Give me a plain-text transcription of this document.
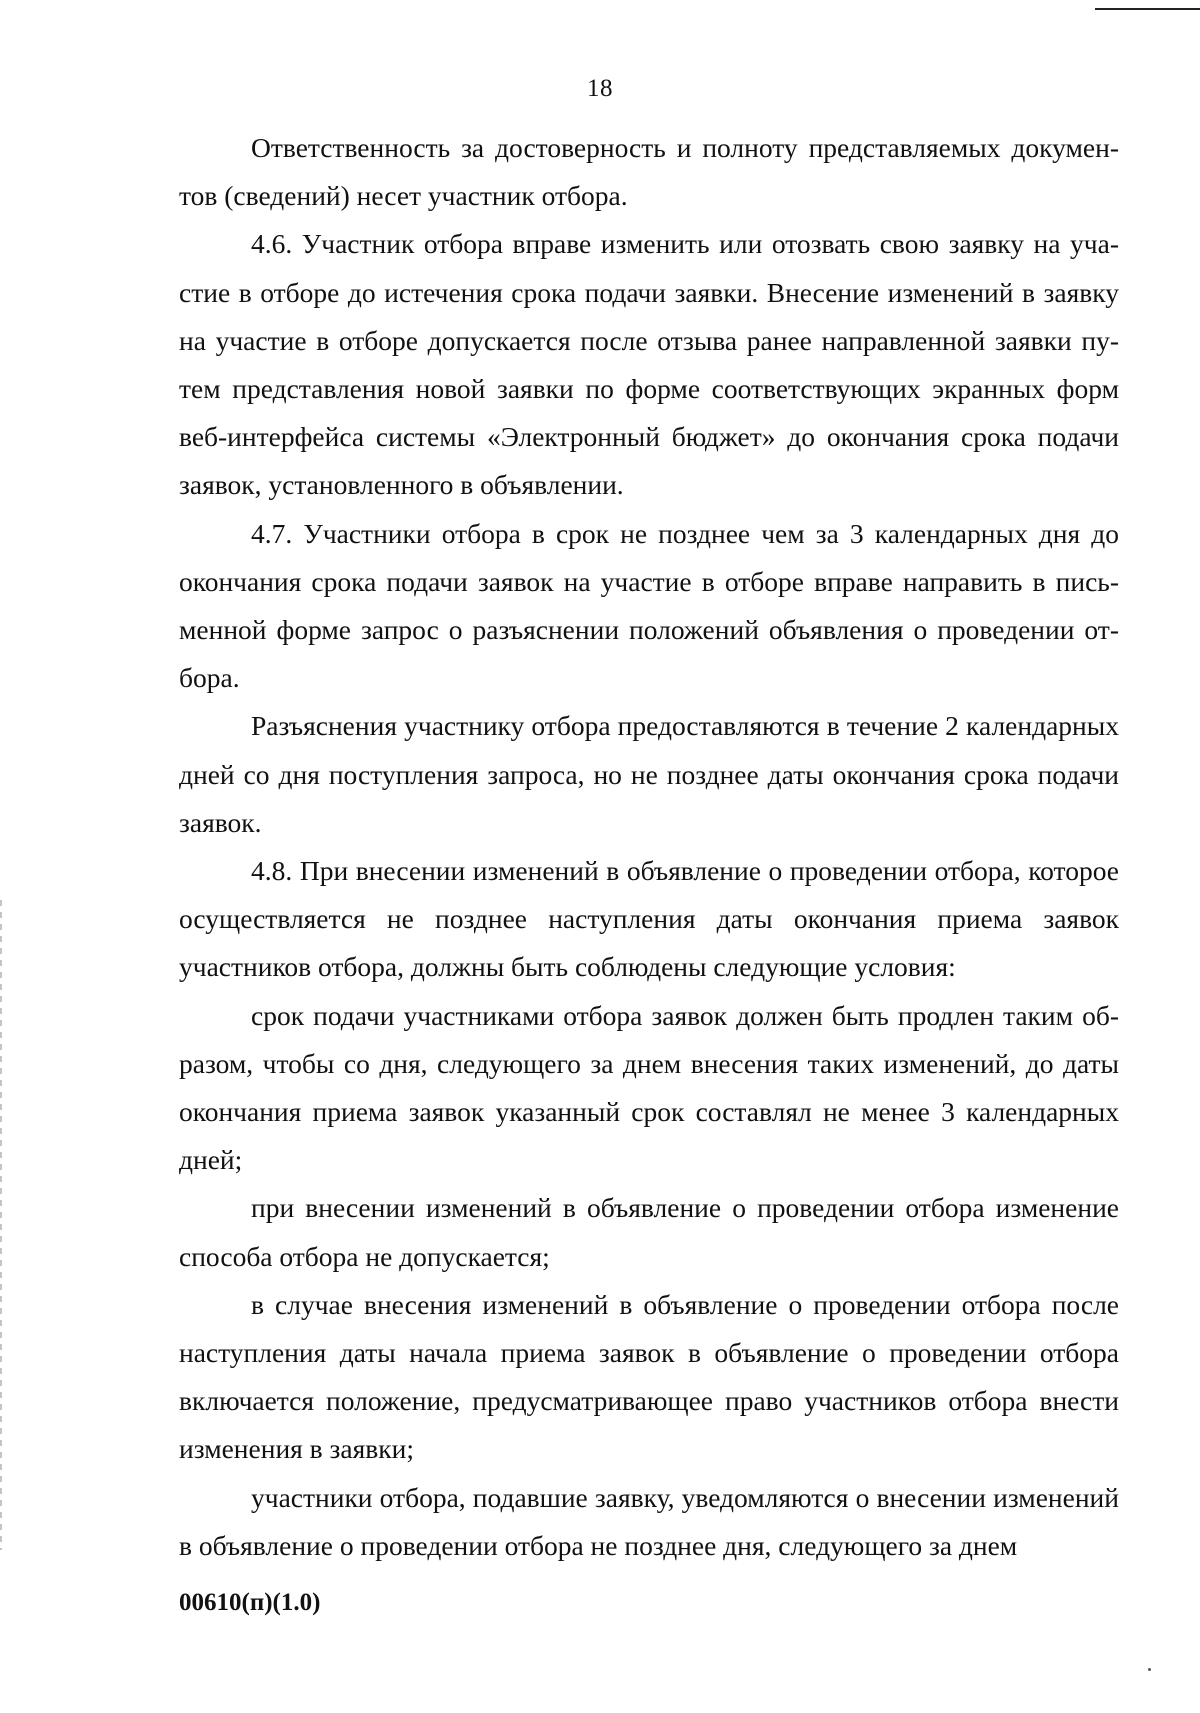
18

Ответственность за достоверность и полноту представляемых документов (сведений) несет участник отбора.

4.6. Участник отбора вправе изменить или отозвать свою заявку на участие в отборе до истечения срока подачи заявки. Внесение изменений в заявку на участие в отборе допускается после отзыва ранее направленной заявки путем представления новой заявки по форме соответствующих экранных форм веб-интерфейса системы «Электронный бюджет» до окончания срока подачи заявок, установленного в объявлении.

4.7. Участники отбора в срок не позднее чем за 3 календарных дня до окончания срока подачи заявок на участие в отборе вправе направить в письменной форме запрос о разъяснении положений объявления о проведении отбора.

Разъяснения участнику отбора предоставляются в течение 2 календарных дней со дня поступления запроса, но не позднее даты окончания срока подачи заявок.

4.8. При внесении изменений в объявление о проведении отбора, которое осуществляется не позднее наступления даты окончания приема заявок участников отбора, должны быть соблюдены следующие условия:

срок подачи участниками отбора заявок должен быть продлен таким образом, чтобы со дня, следующего за днем внесения таких изменений, до даты окончания приема заявок указанный срок составлял не менее 3 календарных дней;

при внесении изменений в объявление о проведении отбора изменение способа отбора не допускается;

в случае внесения изменений в объявление о проведении отбора после наступления даты начала приема заявок в объявление о проведении отбора включается положение, предусматривающее право участников отбора внести изменения в заявки;

участники отбора, подавшие заявку, уведомляются о внесении изменений в объявление о проведении отбора не позднее дня, следующего за днем

00610(п)(1.0)
